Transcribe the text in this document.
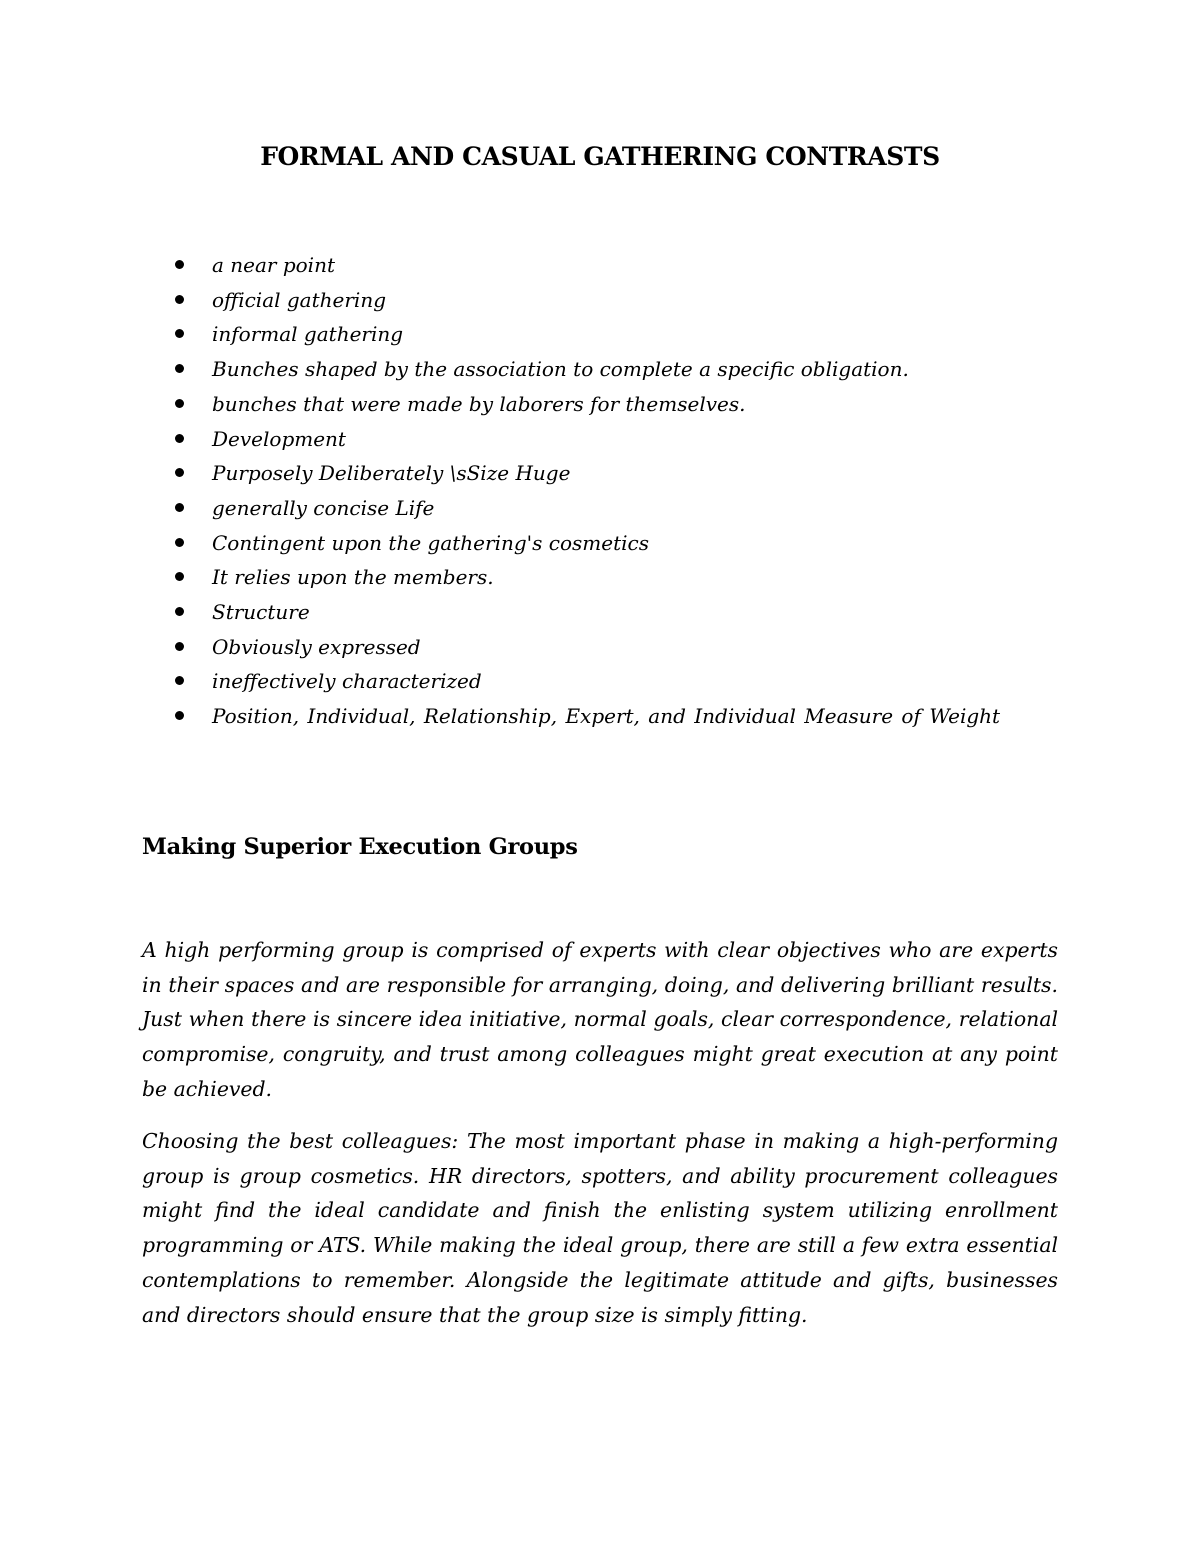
FORMAL AND CASUAL GATHERING CONTRASTS
a near point
official gathering
informal gathering
Bunches shaped by the association to complete a specific obligation.
bunches that were made by laborers for themselves.
Development
Purposely Deliberately \sSize Huge
generally concise Life
Contingent upon the gathering's cosmetics
It relies upon the members.
Structure
Obviously expressed
ineffectively characterized
Position, Individual, Relationship, Expert, and Individual Measure of Weight
Making Superior Execution Groups

A high performing group is comprised of experts with clear objectives who are experts in their spaces and are responsible for arranging, doing, and delivering brilliant results. Just when there is sincere idea initiative, normal goals, clear correspondence, relational compromise, congruity, and trust among colleagues might great execution at any point be achieved.

Choosing the best colleagues: The most important phase in making a high-performing group is group cosmetics. HR directors, spotters, and ability procurement colleagues might find the ideal candidate and finish the enlisting system utilizing enrollment programming or ATS. While making the ideal group, there are still a few extra essential contemplations to remember. Alongside the legitimate attitude and gifts, businesses and directors should ensure that the group size is simply fitting.
